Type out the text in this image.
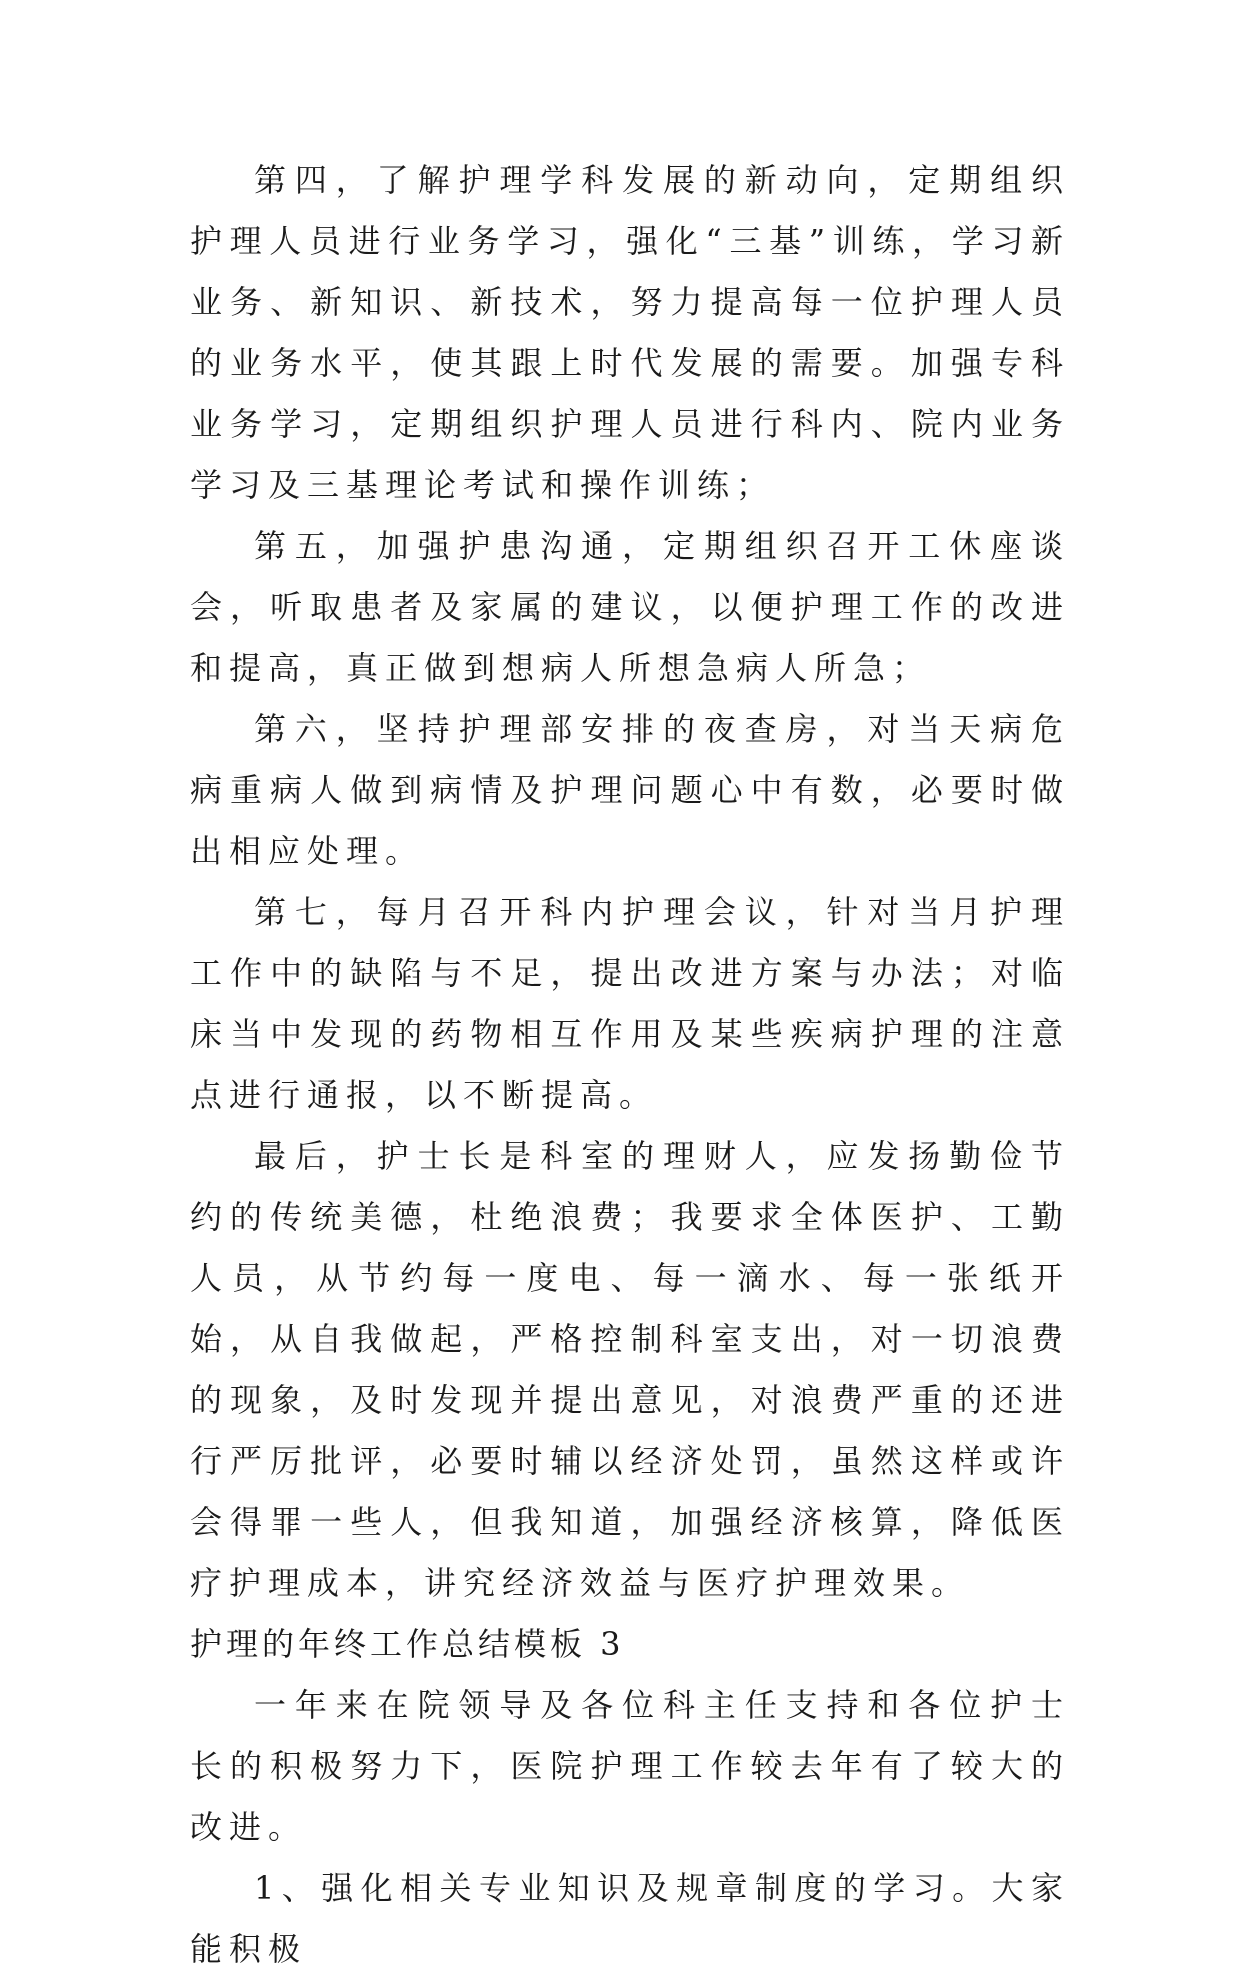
第四，了解护理学科发展的新动向，定期组织护理人员进行业务学习，强化“三基”训练，学习新业务、新知识、新技术，努力提高每一位护理人员的业务水平，使其跟上时代发展的需要。加强专科业务学习，定期组织护理人员进行科内、院内业务学习及三基理论考试和操作训练；

第五，加强护患沟通，定期组织召开工休座谈会，听取患者及家属的建议，以便护理工作的改进和提高，真正做到想病人所想急病人所急；

第六，坚持护理部安排的夜查房，对当天病危病重病人做到病情及护理问题心中有数，必要时做出相应处理。

第七，每月召开科内护理会议，针对当月护理工作中的缺陷与不足，提出改进方案与办法；对临床当中发现的药物相互作用及某些疾病护理的注意点进行通报，以不断提高。

最后，护士长是科室的理财人，应发扬勤俭节约的传统美德，杜绝浪费；我要求全体医护、工勤人员，从节约每一度电、每一滴水、每一张纸开始，从自我做起，严格控制科室支出，对一切浪费的现象，及时发现并提出意见，对浪费严重的还进行严厉批评，必要时辅以经济处罚，虽然这样或许会得罪一些人，但我知道，加强经济核算，降低医疗护理成本，讲究经济效益与医疗护理效果。

护理的年终工作总结模板 3

一年来在院领导及各位科主任支持和各位护士长的积极努力下，医院护理工作较去年有了较大的改进。

1、强化相关专业知识及规章制度的学习。大家能积极
